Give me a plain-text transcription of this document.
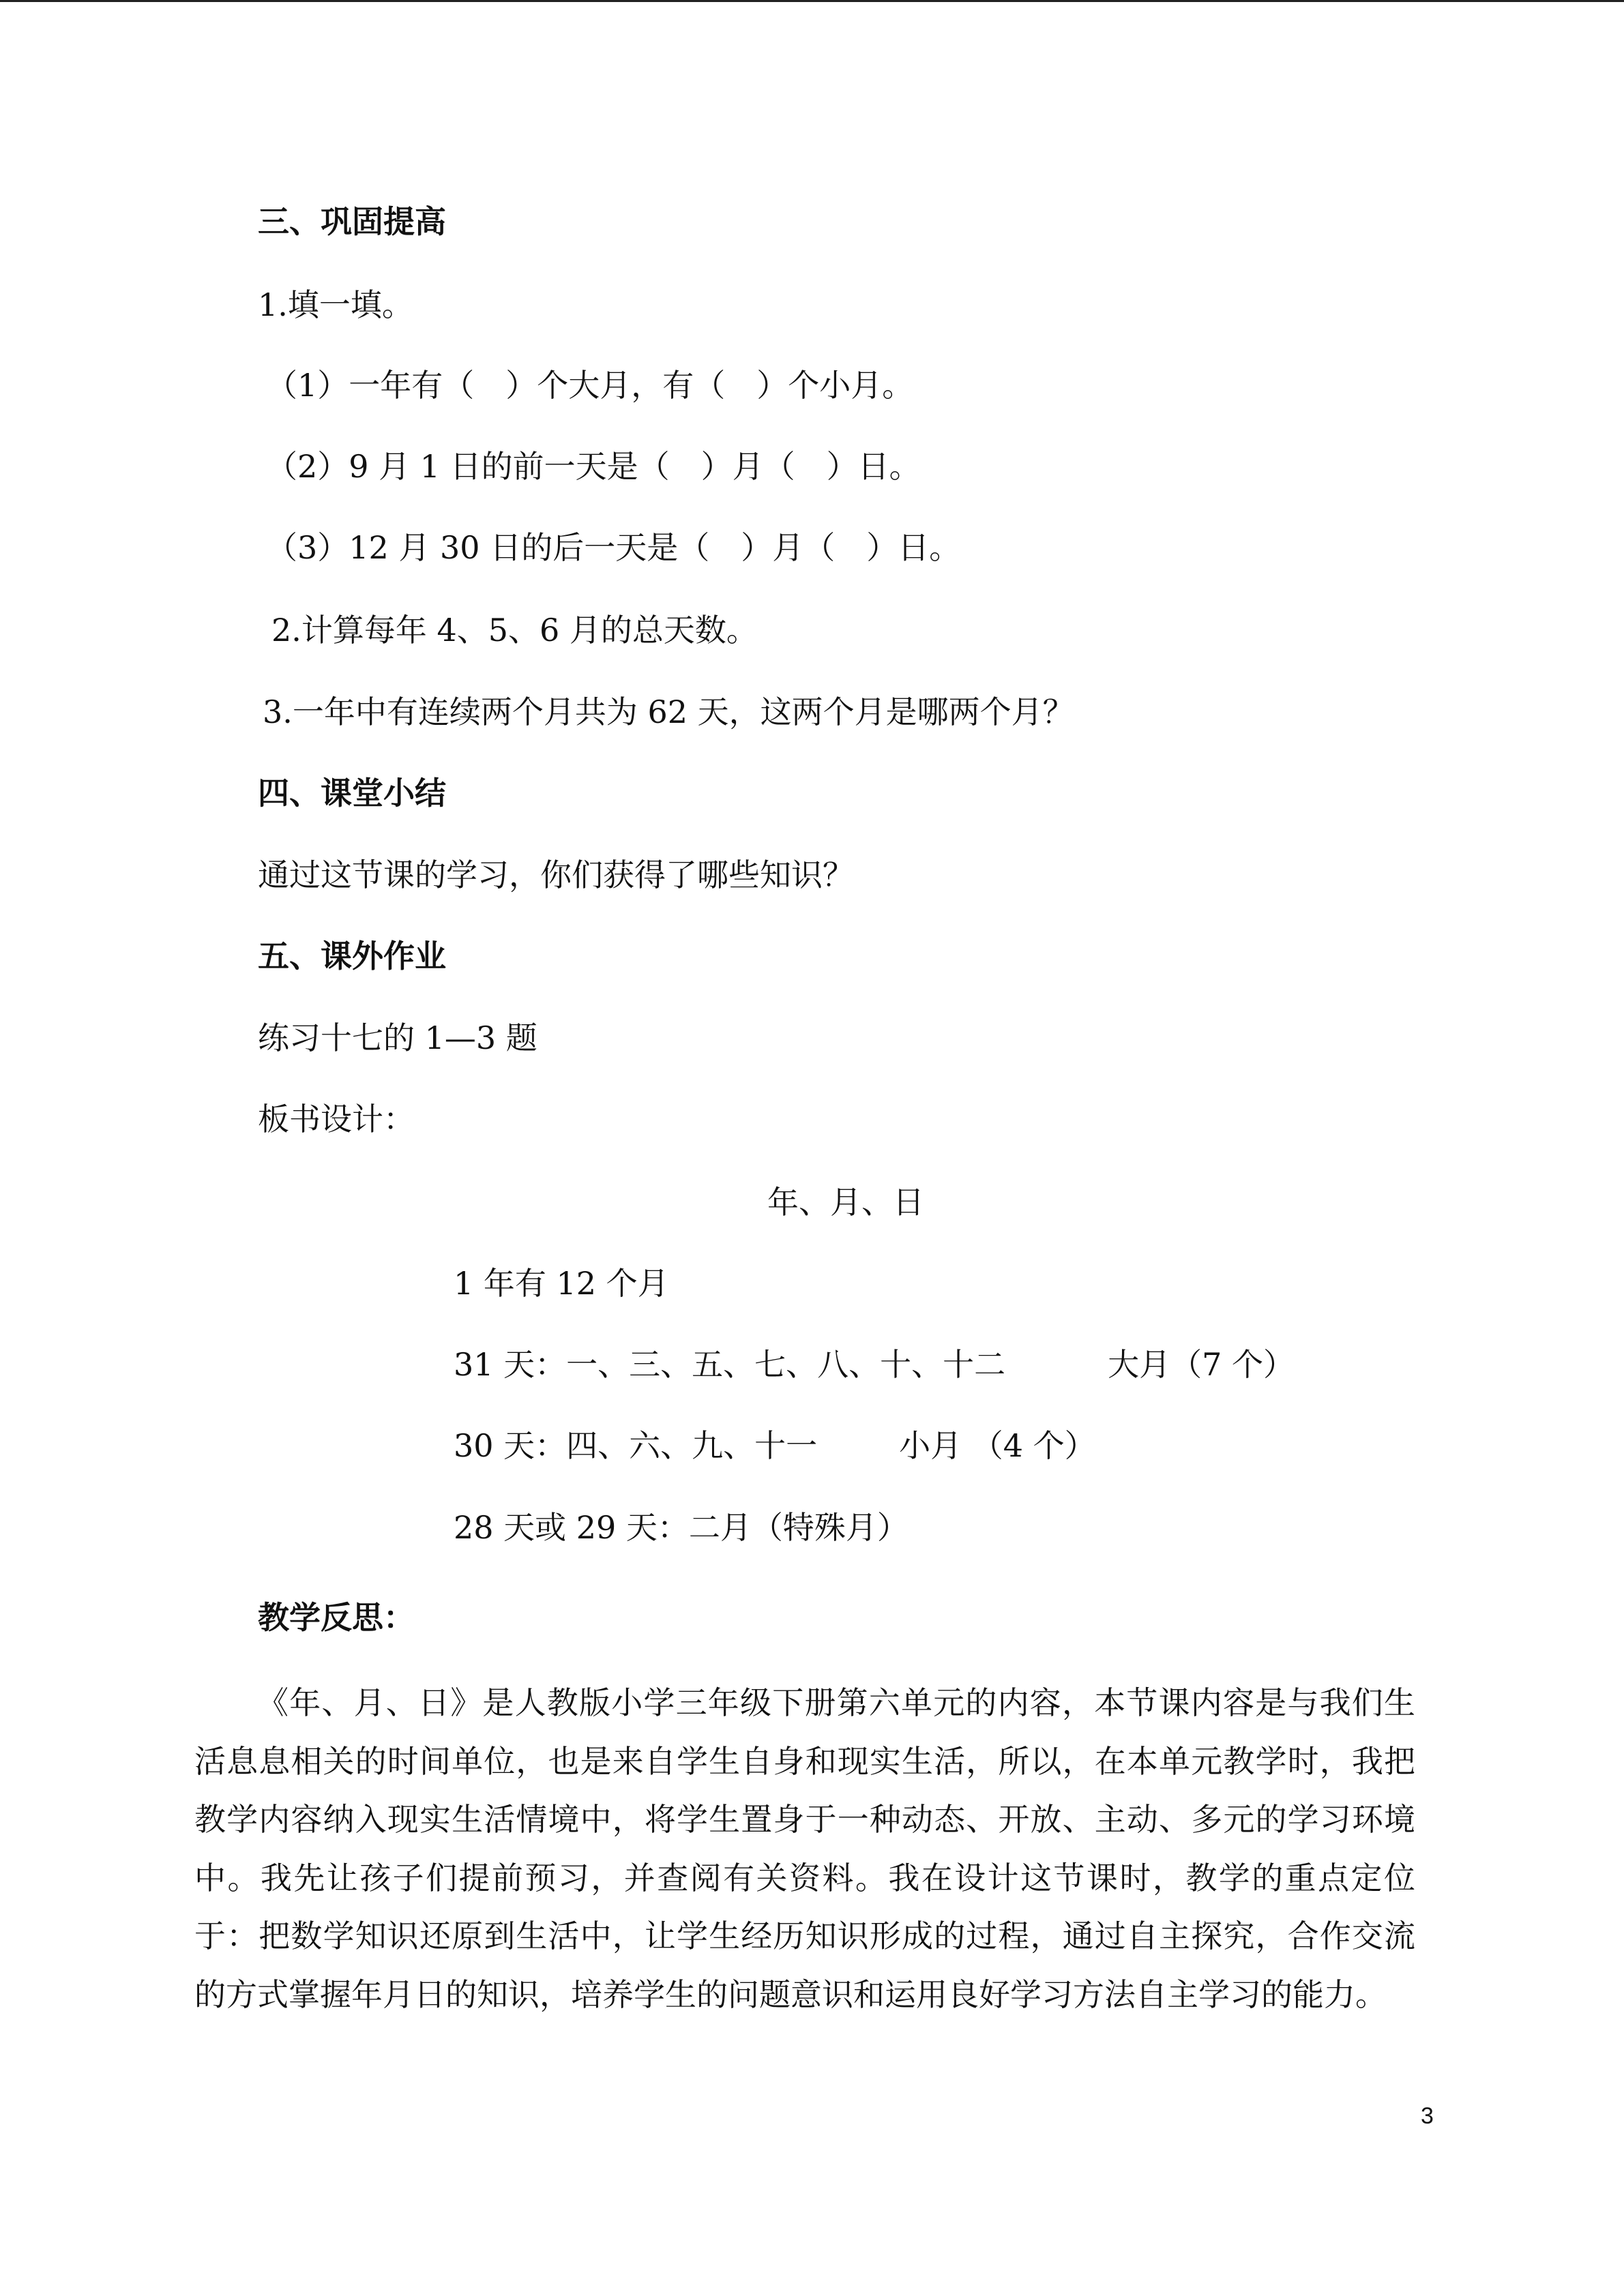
三、巩固提高
1.填一填。
（1）一年有（　）个大月，有（　）个小月。
（2）9 月 1 日的前一天是（　）月（　）日。
（3）12 月 30 日的后一天是（　）月（　）日。
2.计算每年 4、5、6 月的总天数。
3.一年中有连续两个月共为 62 天，这两个月是哪两个月？
四、课堂小结
通过这节课的学习，你们获得了哪些知识？
五、课外作业
练习十七的 1—3 题
板书设计：
年、月、日
1 年有 12 个月
31 天：一、三、五、七、八、十、十二	大月（7 个）
30 天：四、六、九、十一	小月 （4 个）
28 天或 29 天：二月（特殊月）
教学反思：
《年、月、日》是人教版小学三年级下册第六单元的内容，本节课内容是与我们生活息息相关的时间单位，也是来自学生自身和现实生活，所以，在本单元教学时，我把教学内容纳入现实生活情境中，将学生置身于一种动态、开放、主动、多元的学习环境中。我先让孩子们提前预习，并查阅有关资料。我在设计这节课时，教学的重点定位于：把数学知识还原到生活中，让学生经历知识形成的过程，通过自主探究，合作交流的方式掌握年月日的知识，培养学生的问题意识和运用良好学习方法自主学习的能力。
3
